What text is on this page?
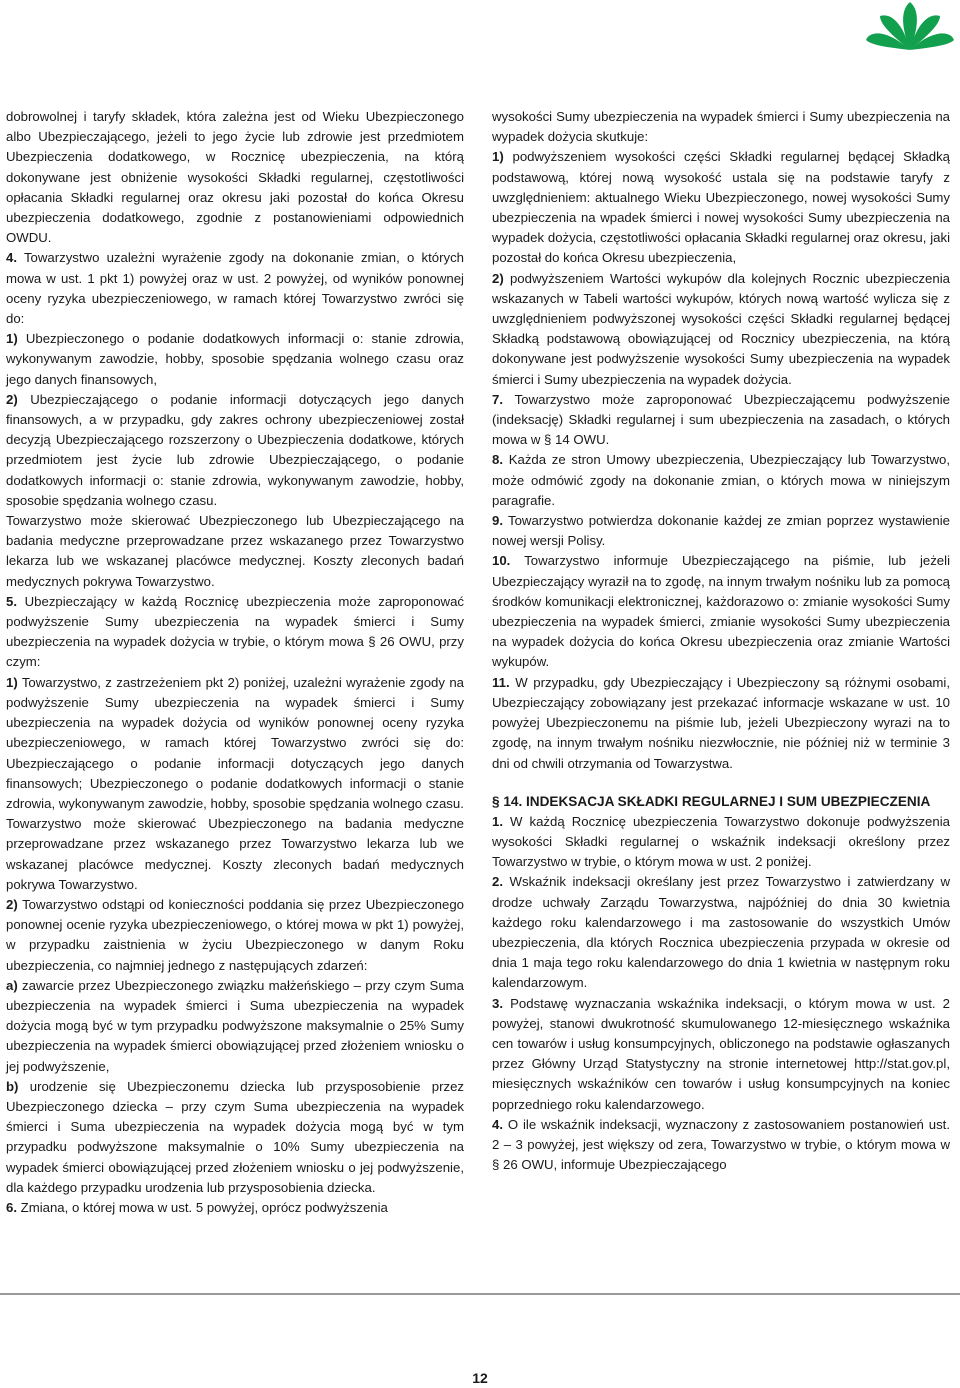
dobrowolnej i taryfy składek, która zależna jest od Wieku Ubezpieczonego albo Ubezpieczającego, jeżeli to jego życie lub zdrowie jest przedmiotem Ubezpieczenia dodatkowego, w Rocznicę ubezpieczenia, na którą dokonywane jest obniżenie wysokości Składki regularnej, częstotliwości opłacania Składki regularnej oraz okresu jaki pozostał do końca Okresu ubezpieczenia dodatkowego, zgodnie z postanowieniami odpowiednich OWDU.

4. Towarzystwo uzależni wyrażenie zgody na dokonanie zmian, o których mowa w ust. 1 pkt 1) powyżej oraz w ust. 2 powyżej, od wyników ponownej oceny ryzyka ubezpieczeniowego, w ramach której Towarzystwo zwróci się do:

1) Ubezpieczonego o podanie dodatkowych informacji o: stanie zdrowia, wykonywanym zawodzie, hobby, sposobie spędzania wolnego czasu oraz jego danych finansowych,

2) Ubezpieczającego o podanie informacji dotyczących jego danych finansowych, a w przypadku, gdy zakres ochrony ubezpieczeniowej został decyzją Ubezpieczającego rozszerzony o Ubezpieczenia dodatkowe, których przedmiotem jest życie lub zdrowie Ubezpieczającego, o podanie dodatkowych informacji o: stanie zdrowia, wykonywanym zawodzie, hobby, sposobie spędzania wolnego czasu.

Towarzystwo może skierować Ubezpieczonego lub Ubezpieczającego na badania medyczne przeprowadzane przez wskazanego przez Towarzystwo lekarza lub we wskazanej placówce medycznej. Koszty zleconych badań medycznych pokrywa Towarzystwo.

5. Ubezpieczający w każdą Rocznicę ubezpieczenia może zaproponować podwyższenie Sumy ubezpieczenia na wypadek śmierci i Sumy ubezpieczenia na wypadek dożycia w trybie, o którym mowa § 26 OWU, przy czym:

1) Towarzystwo, z zastrzeżeniem pkt 2) poniżej, uzależni wyrażenie zgody na podwyższenie Sumy ubezpieczenia na wypadek śmierci i Sumy ubezpieczenia na wypadek dożycia od wyników ponownej oceny ryzyka ubezpieczeniowego, w ramach której Towarzystwo zwróci się do: Ubezpieczającego o podanie informacji dotyczących jego danych finansowych; Ubezpieczonego o podanie dodatkowych informacji o stanie zdrowia, wykonywanym zawodzie, hobby, sposobie spędzania wolnego czasu.

Towarzystwo może skierować Ubezpieczonego na badania medyczne przeprowadzane przez wskazanego przez Towarzystwo lekarza lub we wskazanej placówce medycznej. Koszty zleconych badań medycznych pokrywa Towarzystwo.

2) Towarzystwo odstąpi od konieczności poddania się przez Ubezpieczonego ponownej ocenie ryzyka ubezpieczeniowego, o której mowa w pkt 1) powyżej, w przypadku zaistnienia w życiu Ubezpieczonego w danym Roku ubezpieczenia, co najmniej jednego z następujących zdarzeń:

a) zawarcie przez Ubezpieczonego związku małżeńskiego – przy czym Suma ubezpieczenia na wypadek śmierci i Suma ubezpieczenia na wypadek dożycia mogą być w tym przypadku podwyższone maksymalnie o 25% Sumy ubezpieczenia na wypadek śmierci obowiązującej przed złożeniem wniosku o jej podwyższenie,

b) urodzenie się Ubezpieczonemu dziecka lub przysposobienie przez Ubezpieczonego dziecka – przy czym Suma ubezpieczenia na wypadek śmierci i Suma ubezpieczenia na wypadek dożycia mogą być w tym przypadku podwyższone maksymalnie o 10% Sumy ubezpieczenia na wypadek śmierci obowiązującej przed złożeniem wniosku o jej podwyższenie, dla każdego przypadku urodzenia lub przysposobienia dziecka.

6. Zmiana, o której mowa w ust. 5 powyżej, oprócz podwyższenia

wysokości Sumy ubezpieczenia na wypadek śmierci i Sumy ubezpieczenia na wypadek dożycia skutkuje:

1) podwyższeniem wysokości części Składki regularnej będącej Składką podstawową, której nową wysokość ustala się na podstawie taryfy z uwzględnieniem: aktualnego Wieku Ubezpieczonego, nowej wysokości Sumy ubezpieczenia na wpadek śmierci i nowej wysokości Sumy ubezpieczenia na wypadek dożycia, częstotliwości opłacania Składki regularnej oraz okresu, jaki pozostał do końca Okresu ubezpieczenia,

2) podwyższeniem Wartości wykupów dla kolejnych Rocznic ubezpieczenia wskazanych w Tabeli wartości wykupów, których nową wartość wylicza się z uwzględnieniem podwyższonej wysokości części Składki regularnej będącej Składką podstawową obowiązującej od Rocznicy ubezpieczenia, na którą dokonywane jest podwyższenie wysokości Sumy ubezpieczenia na wypadek śmierci i Sumy ubezpieczenia na wypadek dożycia.

7. Towarzystwo może zaproponować Ubezpieczającemu podwyższenie (indeksację) Składki regularnej i sum ubezpieczenia na zasadach, o których mowa w § 14 OWU.

8. Każda ze stron Umowy ubezpieczenia, Ubezpieczający lub Towarzystwo, może odmówić zgody na dokonanie zmian, o których mowa w niniejszym paragrafie.

9. Towarzystwo potwierdza dokonanie każdej ze zmian poprzez wystawienie nowej wersji Polisy.

10. Towarzystwo informuje Ubezpieczającego na piśmie, lub jeżeli Ubezpieczający wyraził na to zgodę, na innym trwałym nośniku lub za pomocą środków komunikacji elektronicznej, każdorazowo o: zmianie wysokości Sumy ubezpieczenia na wypadek śmierci, zmianie wysokości Sumy ubezpieczenia na wypadek dożycia do końca Okresu ubezpieczenia oraz zmianie Wartości wykupów.

11. W przypadku, gdy Ubezpieczający i Ubezpieczony są różnymi osobami, Ubezpieczający zobowiązany jest przekazać informacje wskazane w ust. 10 powyżej Ubezpieczonemu na piśmie lub, jeżeli Ubezpieczony wyrazi na to zgodę, na innym trwałym nośniku niezwłocznie, nie później niż w terminie 3 dni od chwili otrzymania od Towarzystwa.

§ 14. INDEKSACJA SKŁADKI REGULARNEJ I SUM UBEZPIECZENIA

1. W każdą Rocznicę ubezpieczenia Towarzystwo dokonuje podwyższenia wysokości Składki regularnej o wskaźnik indeksacji określony przez Towarzystwo w trybie, o którym mowa w ust. 2 poniżej.

2. Wskaźnik indeksacji określany jest przez Towarzystwo i zatwierdzany w drodze uchwały Zarządu Towarzystwa, najpóźniej do dnia 30 kwietnia każdego roku kalendarzowego i ma zastosowanie do wszystkich Umów ubezpieczenia, dla których Rocznica ubezpieczenia przypada w okresie od dnia 1 maja tego roku kalendarzowego do dnia 1 kwietnia w następnym roku kalendarzowym.

3. Podstawę wyznaczania wskaźnika indeksacji, o którym mowa w ust. 2 powyżej, stanowi dwukrotność skumulowanego 12-miesięcznego wskaźnika cen towarów i usług konsumpcyjnych, obliczonego na podstawie ogłaszanych przez Główny Urząd Statystyczny na stronie internetowej http://stat.gov.pl, miesięcznych wskaźników cen towarów i usług konsumpcyjnych na koniec poprzedniego roku kalendarzowego.

4. O ile wskaźnik indeksacji, wyznaczony z zastosowaniem postanowień ust. 2 – 3 powyżej, jest większy od zera, Towarzystwo w trybie, o którym mowa w § 26 OWU, informuje Ubezpieczającego

12
